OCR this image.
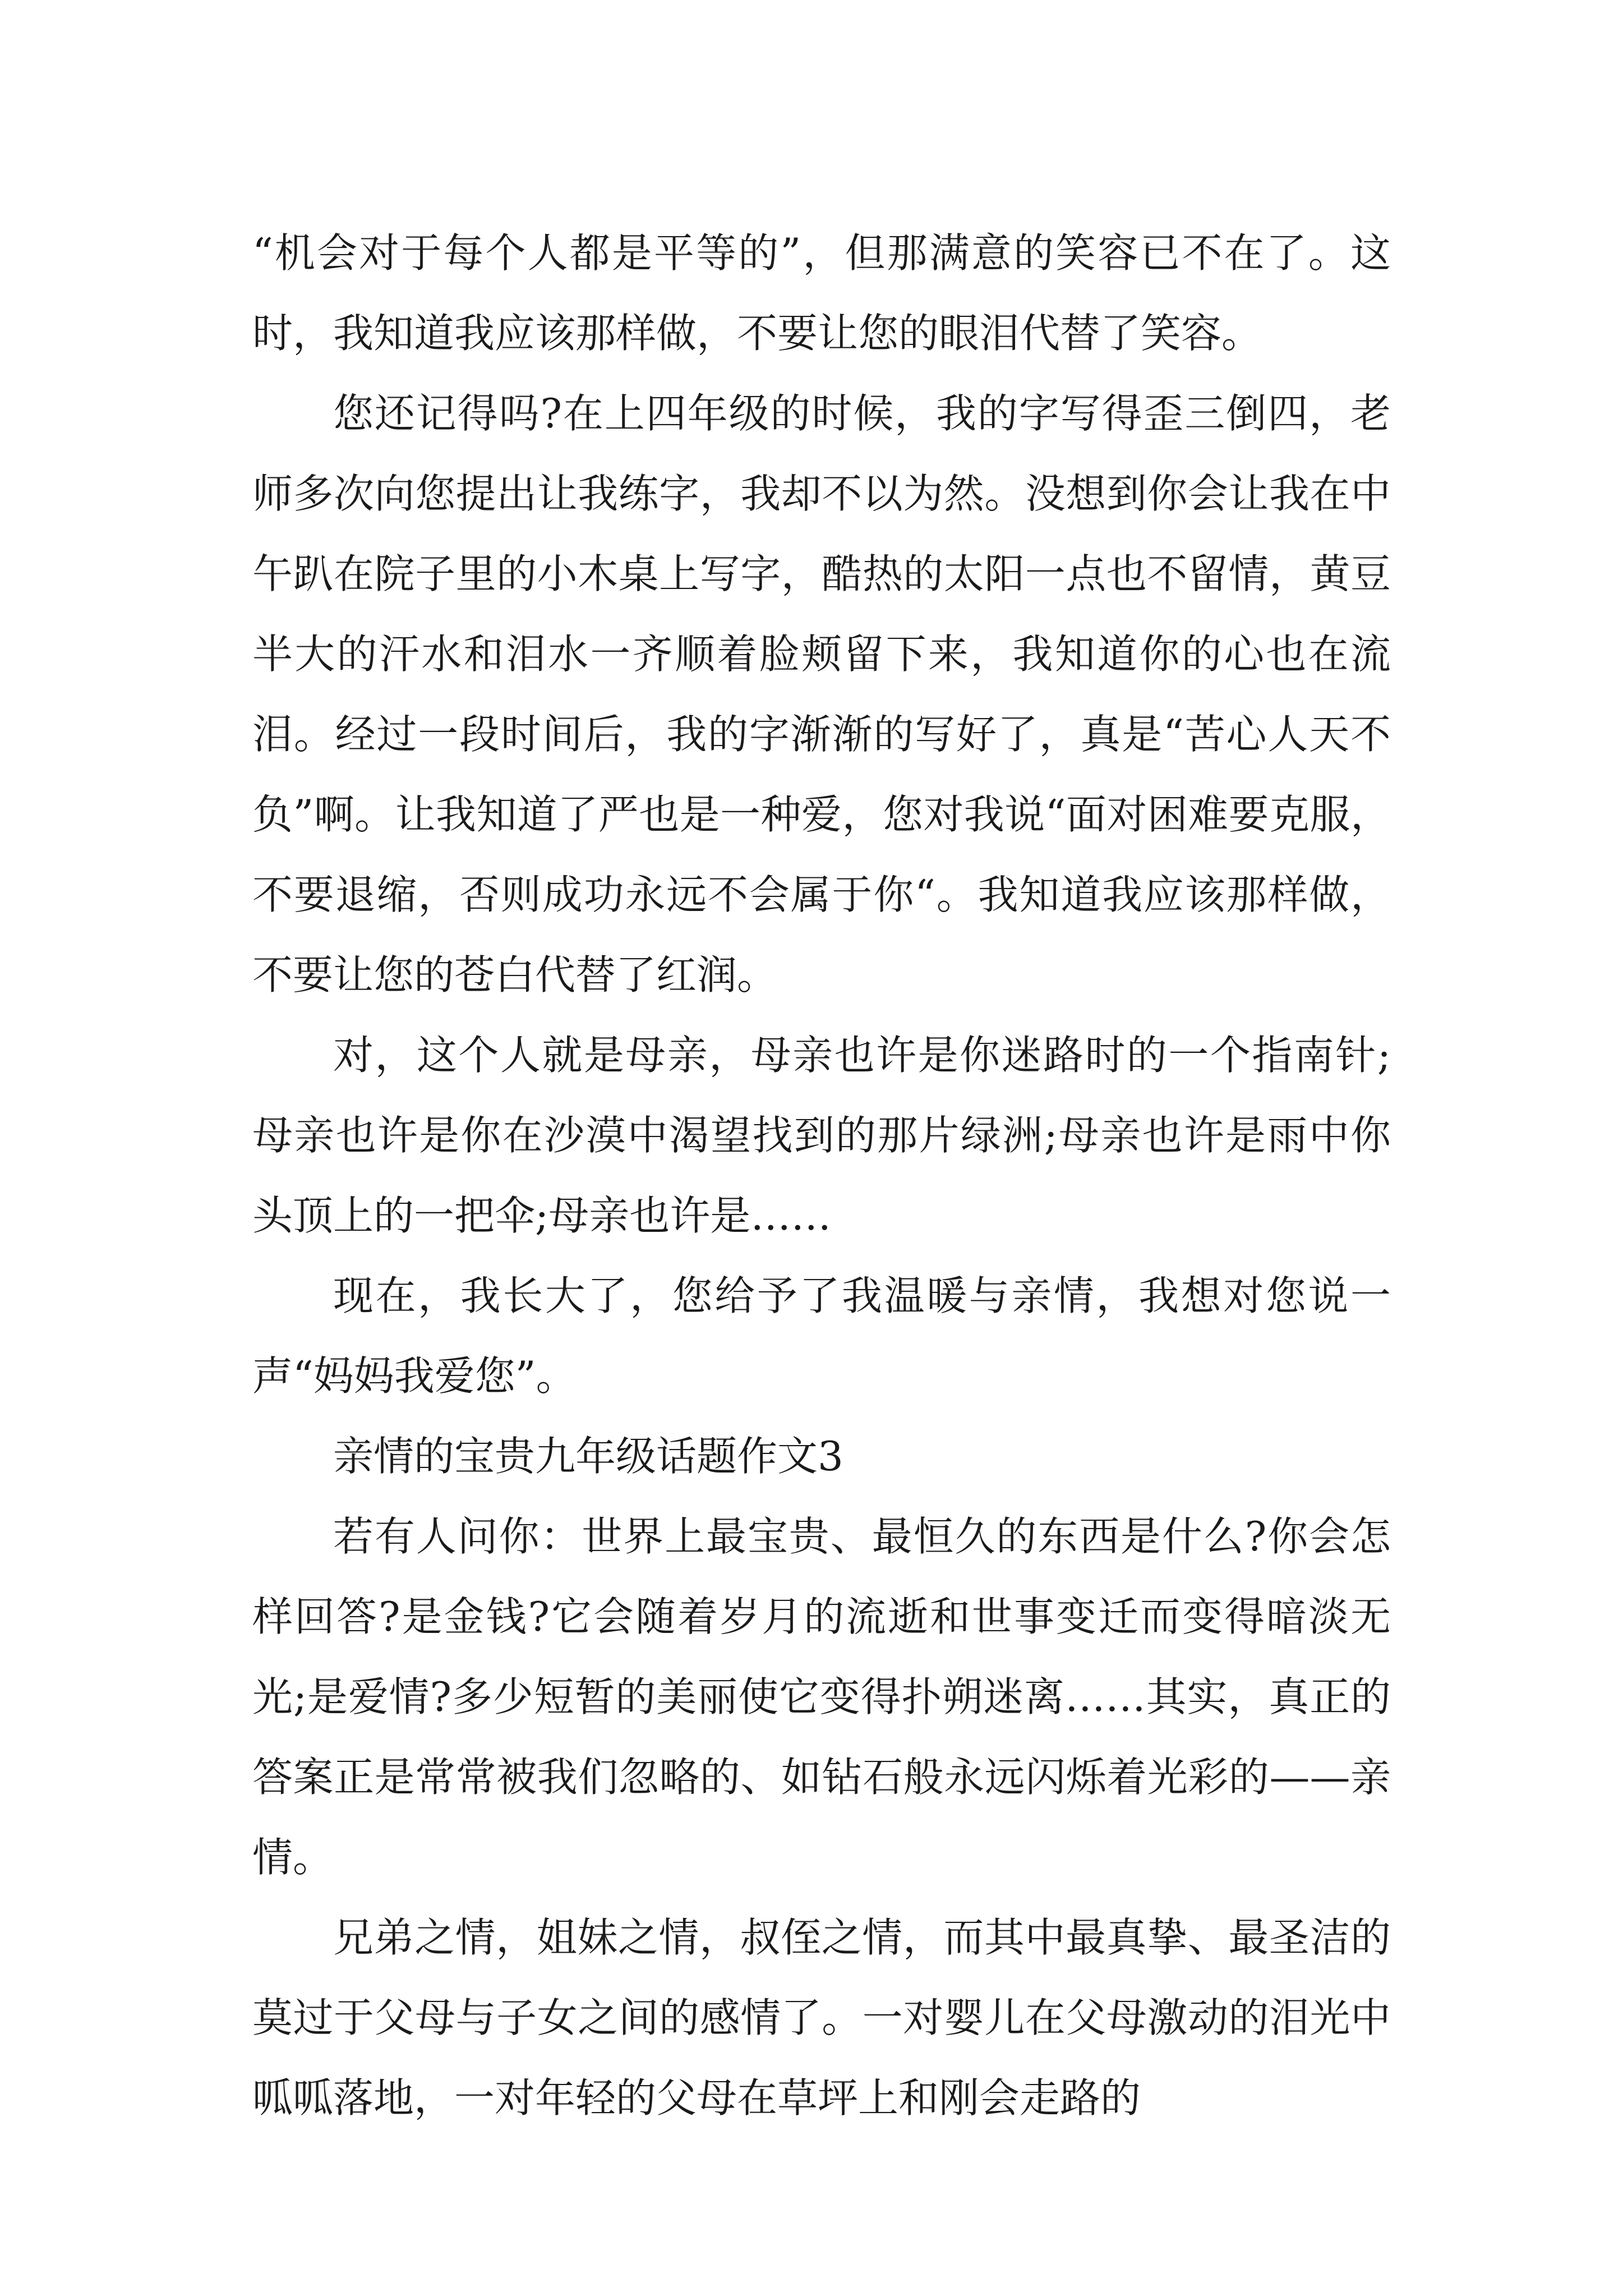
“机会对于每个人都是平等的”，但那满意的笑容已不在了。这时，我知道我应该那样做，不要让您的眼泪代替了笑容。

您还记得吗?在上四年级的时候，我的字写得歪三倒四，老师多次向您提出让我练字，我却不以为然。没想到你会让我在中午趴在院子里的小木桌上写字，酷热的太阳一点也不留情，黄豆半大的汗水和泪水一齐顺着脸颊留下来，我知道你的心也在流泪。经过一段时间后，我的字渐渐的写好了，真是“苦心人天不负”啊。让我知道了严也是一种爱，您对我说“面对困难要克服，不要退缩，否则成功永远不会属于你“。我知道我应该那样做，不要让您的苍白代替了红润。

对，这个人就是母亲，母亲也许是你迷路时的一个指南针;母亲也许是你在沙漠中渴望找到的那片绿洲;母亲也许是雨中你头顶上的一把伞;母亲也许是……

现在，我长大了，您给予了我温暖与亲情，我想对您说一声“妈妈我爱您”。

亲情的宝贵九年级话题作文3

若有人问你：世界上最宝贵、最恒久的东西是什么?你会怎样回答?是金钱?它会随着岁月的流逝和世事变迁而变得暗淡无光;是爱情?多少短暂的美丽使它变得扑朔迷离……其实，真正的答案正是常常被我们忽略的、如钻石般永远闪烁着光彩的——亲情。

兄弟之情，姐妹之情，叔侄之情，而其中最真挚、最圣洁的莫过于父母与子女之间的感情了。一对婴儿在父母激动的泪光中呱呱落地，一对年轻的父母在草坪上和刚会走路的
